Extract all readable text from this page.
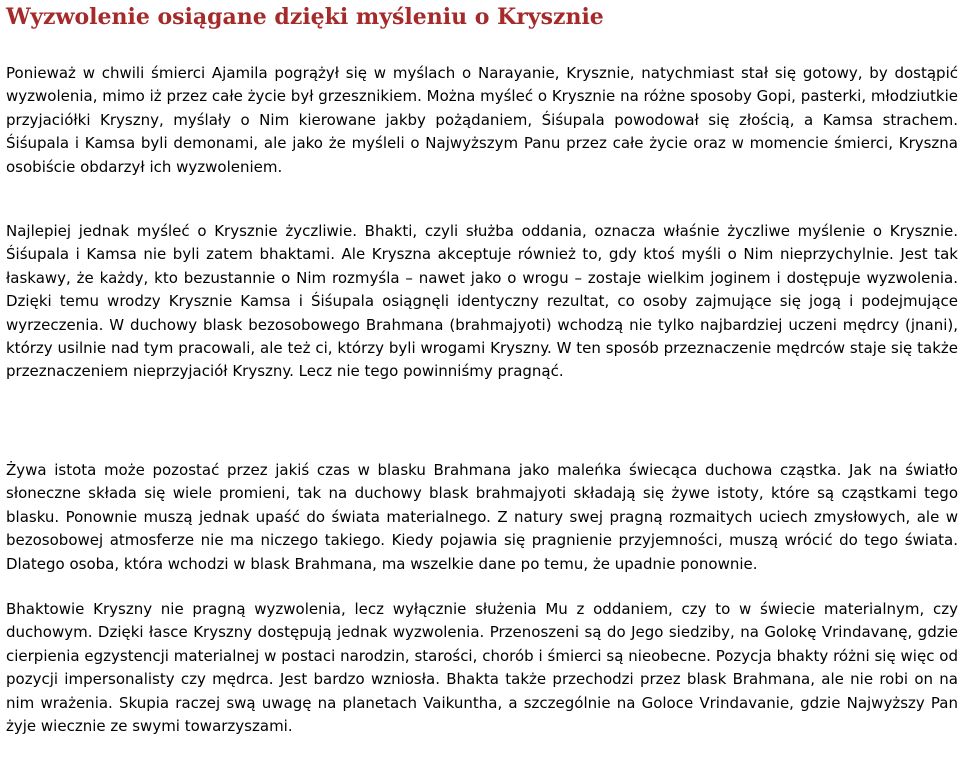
Wyzwolenie osiągane dzięki myśleniu o Krysznie

Ponieważ w chwili śmierci Ajamila pogrążył się w myślach o Narayanie, Krysznie, natychmiast stał się gotowy, by dostąpić wyzwolenia, mimo iż przez całe życie był grzesznikiem. Można myśleć o Krysznie na różne sposoby Gopi, pasterki, młodziutkie przyjaciółki Kryszny, myślały o Nim kierowane jakby pożądaniem, Śiśupala powodował się złością, a Kamsa strachem. Śiśupala i Kamsa byli demonami, ale jako że myśleli o Najwyższym Panu przez całe życie oraz w momencie śmierci, Kryszna osobiście obdarzył ich wyzwoleniem.

Najlepiej jednak myśleć o Krysznie życzliwie. Bhakti, czyli służba oddania, oznacza właśnie życzliwe myślenie o Krysznie. Śiśupala i Kamsa nie byli zatem bhaktami. Ale Kryszna akceptuje również to, gdy ktoś myśli o Nim nieprzychylnie. Jest tak łaskawy, że każdy, kto bezustannie o Nim rozmyśla – nawet jako o wrogu – zostaje wielkim joginem i dostępuje wyzwolenia. Dzięki temu wrodzy Krysznie Kamsa i Śiśupala osiągnęli identyczny rezultat, co osoby zajmujące się jogą i podejmujące wyrzeczenia. W duchowy blask bezosobowego Brahmana (brahmajyoti) wchodzą nie tylko najbardziej uczeni mędrcy (jnani), którzy usilnie nad tym pracowali, ale też ci, którzy byli wrogami Kryszny. W ten sposób przeznaczenie mędrców staje się także przeznaczeniem nieprzyjaciół Kryszny. Lecz nie tego powinniśmy pragnąć.

Żywa istota może pozostać przez jakiś czas w blasku Brahmana jako maleńka świecąca duchowa cząstka. Jak na światło słoneczne składa się wiele promieni, tak na duchowy blask brahmajyoti składają się żywe istoty, które są cząstkami tego blasku. Ponownie muszą jednak upaść do świata materialnego. Z natury swej pragną rozmaitych uciech zmysłowych, ale w bezosobowej atmosferze nie ma niczego takiego. Kiedy pojawia się pragnienie przyjemności, muszą wrócić do tego świata. Dlatego osoba, która wchodzi w blask Brahmana, ma wszelkie dane po temu, że upadnie ponownie.

Bhaktowie Kryszny nie pragną wyzwolenia, lecz wyłącznie służenia Mu z oddaniem, czy to w świecie materialnym, czy duchowym. Dzięki łasce Kryszny dostępują jednak wyzwolenia. Przenoszeni są do Jego siedziby, na Golokę Vrindavanę, gdzie cierpienia egzystencji materialnej w postaci narodzin, starości, chorób i śmierci są nieobecne. Pozycja bhakty różni się więc od pozycji impersonalisty czy mędrca. Jest bardzo wzniosła. Bhakta także przechodzi przez blask Brahmana, ale nie robi on na nim wrażenia. Skupia raczej swą uwagę na planetach Vaikuntha, a szczególnie na Goloce Vrindavanie, gdzie Najwyższy Pan żyje wiecznie ze swymi towarzyszami.
